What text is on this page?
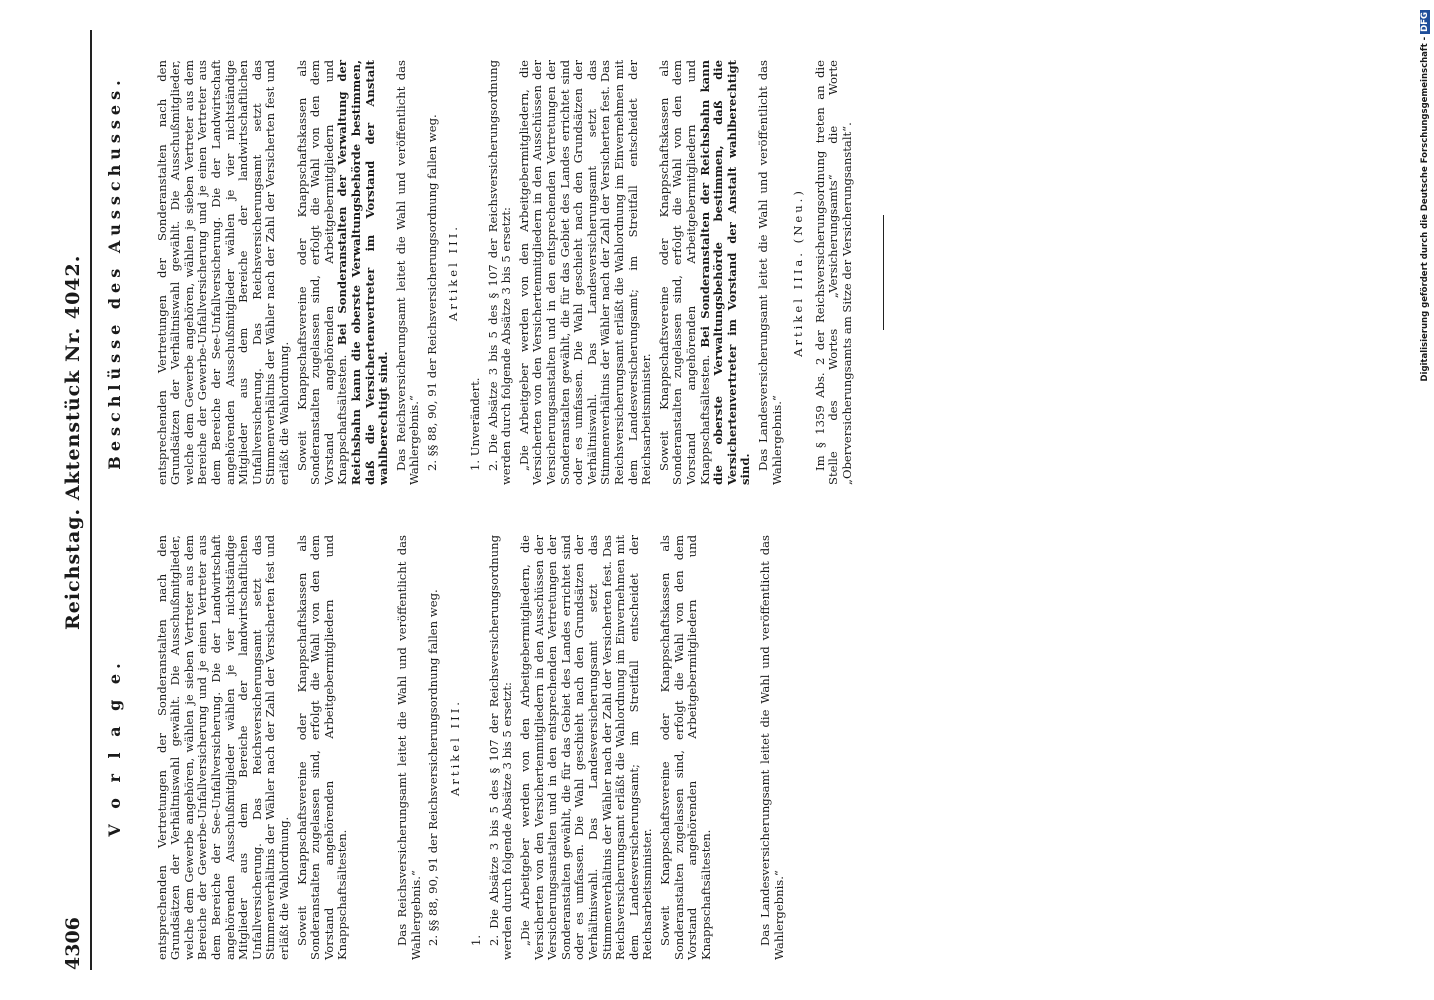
4306
Reichstag. Aktenstück Nr. 4042.
V o r l a g e.	entsprechenden Vertretungen der Sonderanstalten nach den Grundsätzen der Verhältniswahl gewählt. Die Ausschußmitglieder, welche dem Gewerbe angehören, wählen je sieben Vertreter aus dem Bereiche der Gewerbe-Unfallversicherung und je einen Vertreter aus dem Bereiche der See-Unfallversicherung. Die der Landwirtschaft angehörenden Ausschußmitglieder wählen je vier nichtständige Mitglieder aus dem Bereiche der landwirtschaftlichen Unfallversicherung. Das Reichsversicherungsamt setzt das Stimmenverhältnis der Wähler nach der Zahl der Versicherten fest und erläßt die Wahlordnung. Soweit Knappschaftsvereine oder Knappschaftskassen als Sonderanstalten zugelassen sind, erfolgt die Wahl von den dem Vorstand angehörenden Arbeitgebermitgliedern und Knappschaftsältesten.	Das Reichsversicherungsamt leitet die Wahl und veröffentlicht das Wahlergebnis.“ 2. §§ 88, 90, 91 der Reichsversicherungsordnung fallen weg. Artikel III.

1. 2. Die Absätze 3 bis 5 des § 107 der Reichsversicherungsordnung werden durch folgende Absätze 3 bis 5 ersetzt: „Die Arbeitgeber werden von den Arbeitgebermitgliedern, die Versicherten von den Versichertenmitgliedern in den Ausschüssen der Versicherungsanstalten und in den entsprechenden Vertretungen der Sonderanstalten gewählt, die für das Gebiet des Landes errichtet sind oder es umfassen. Die Wahl geschieht nach den Grundsätzen der Verhältniswahl. Das Landesversicherungsamt setzt das Stimmenverhältnis der Wähler nach der Zahl der Versicherten fest. Das Reichsversicherungsamt erläßt die Wahlordnung im Einvernehmen mit dem Landesversicherungsamt; im Streitfall entscheidet der Reichsarbeitsminister. Soweit Knappschaftsvereine oder Knappschaftskassen als Sonderanstalten zugelassen sind, erfolgt die Wahl von den dem Vorstand angehörenden Arbeitgebermitgliedern und Knappschaftsältesten.	Das Landesversicherungsamt leitet die Wahl und veröffentlicht das Wahlergebnis.“

Beschlüsse des Ausschusses.	entsprechenden Vertretungen der Sonderanstalten nach den Grundsätzen der Verhältniswahl gewählt. Die Ausschußmitglieder, welche dem Gewerbe angehören, wählen je sieben Vertreter aus dem Bereiche der Gewerbe-Unfallversicherung und je einen Vertreter aus dem Bereiche der See-Unfallversicherung. Die der Landwirtschaft angehörenden Ausschußmitglieder wählen je vier nichtständige Mitglieder aus dem Bereiche der landwirtschaftlichen Unfallversicherung. Das Reichsversicherungsamt setzt das Stimmenverhältnis der Wähler nach der Zahl der Versicherten fest und erläßt die Wahlordnung. Soweit Knappschaftsvereine oder Knappschaftskassen als Sonderanstalten zugelassen sind, erfolgt die Wahl von den dem Vorstand angehörenden Arbeitgebermitgliedern und Knappschaftsältesten. Bei Sonderanstalten der Verwaltung der Reichsbahn kann die oberste Verwaltungsbehörde bestimmen, daß die Versichertenvertreter im Vorstand der Anstalt wahlberechtigt sind. Das Reichsversicherungsamt leitet die Wahl und veröffentlicht das Wahlergebnis.“ 2. §§ 88, 90, 91 der Reichsversicherungsordnung fallen weg. Artikel III.

1. Unverändert. 2. Die Absätze 3 bis 5 des § 107 der Reichsversicherungsordnung werden durch folgende Absätze 3 bis 5 ersetzt: „Die Arbeitgeber werden von den Arbeitgebermitgliedern, die Versicherten von den Versichertenmitgliedern in den Ausschüssen der Versicherungsanstalten und in den entsprechenden Vertretungen der Sonderanstalten gewählt, die für das Gebiet des Landes errichtet sind oder es umfassen. Die Wahl geschieht nach den Grundsätzen der Verhältniswahl. Das Landesversicherungsamt setzt das Stimmenverhältnis der Wähler nach der Zahl der Versicherten fest. Das Reichsversicherungsamt erläßt die Wahlordnung im Einvernehmen mit dem Landesversicherungsamt; im Streitfall entscheidet der Reichsarbeitsminister. Soweit Knappschaftsvereine oder Knappschaftskassen als Sonderanstalten zugelassen sind, erfolgt die Wahl von den dem Vorstand angehörenden Arbeitgebermitgliedern und Knappschaftsältesten. Bei Sonderanstalten der Reichsbahn kann die oberste Verwaltungsbehörde bestimmen, daß die Versichertenvertreter im Vorstand der Anstalt wahlberechtigt sind. Das Landesversicherungsamt leitet die Wahl und veröffentlicht das Wahlergebnis.“

Artikel IIIa. (Neu.) Im § 1359 Abs. 2 der Reichsversicherungsordnung treten an die Stelle des Wortes „Versicherungsamts“ die Worte „Oberversicherungsamts am Sitze der Versicherungsanstalt“.	Digitalisierung gefördert durch die Deutsche Forschungsgemeinschaft -DFG
